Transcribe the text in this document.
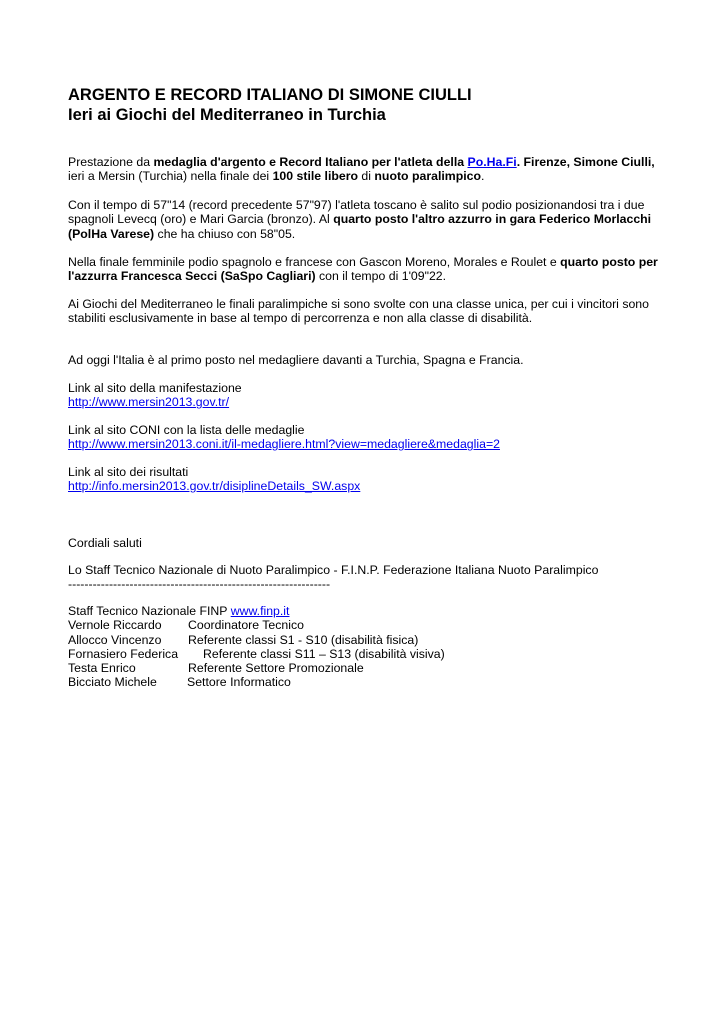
ARGENTO E RECORD ITALIANO DI SIMONE CIULLI
Ieri ai Giochi del Mediterraneo in Turchia

Prestazione da medaglia d'argento e Record Italiano per l'atleta della Po.Ha.Fi. Firenze, Simone Ciulli,
ieri a Mersin (Turchia) nella finale dei 100 stile libero di nuoto paralimpico.

Con il tempo di 57"14 (record precedente 57"97) l'atleta toscano è salito sul podio posizionandosi tra i due spagnoli Levecq (oro) e Mari Garcia (bronzo). Al quarto posto l'altro azzurro in gara Federico Morlacchi (PolHa Varese) che ha chiuso con 58"05.

Nella finale femminile podio spagnolo e francese con Gascon Moreno, Morales e Roulet e quarto posto per l'azzurra Francesca Secci (SaSpo Cagliari) con il tempo di 1'09"22.

Ai Giochi del Mediterraneo le finali paralimpiche si sono svolte con una classe unica, per cui i vincitori sono stabiliti esclusivamente in base al tempo di percorrenza e non alla classe di disabilità.

Ad oggi l'Italia è al primo posto nel medagliere davanti a Turchia, Spagna e Francia.

Link al sito della manifestazione

http://www.mersin2013.gov.tr/

Link al sito CONI con la lista delle medaglie

http://www.mersin2013.coni.it/il-medagliere.html?view=medagliere&medaglia=2

Link al sito dei risultati

http://info.mersin2013.gov.tr/disiplineDetails_SW.aspx

Cordiali saluti

Lo Staff Tecnico Nazionale di Nuoto Paralimpico - F.I.N.P. Federazione Italiana Nuoto Paralimpico

----------------------------------------------------------------

Staff Tecnico Nazionale FINP www.finp.it

Vernole Riccardo	Coordinatore Tecnico
Allocco Vincenzo	Referente classi S1 - S10 (disabilità fisica)
Fornasiero Federica	Referente classi S11 – S13 (disabilità visiva)
Testa Enrico	Referente Settore Promozionale
Bicciato Michele	Settore Informatico
